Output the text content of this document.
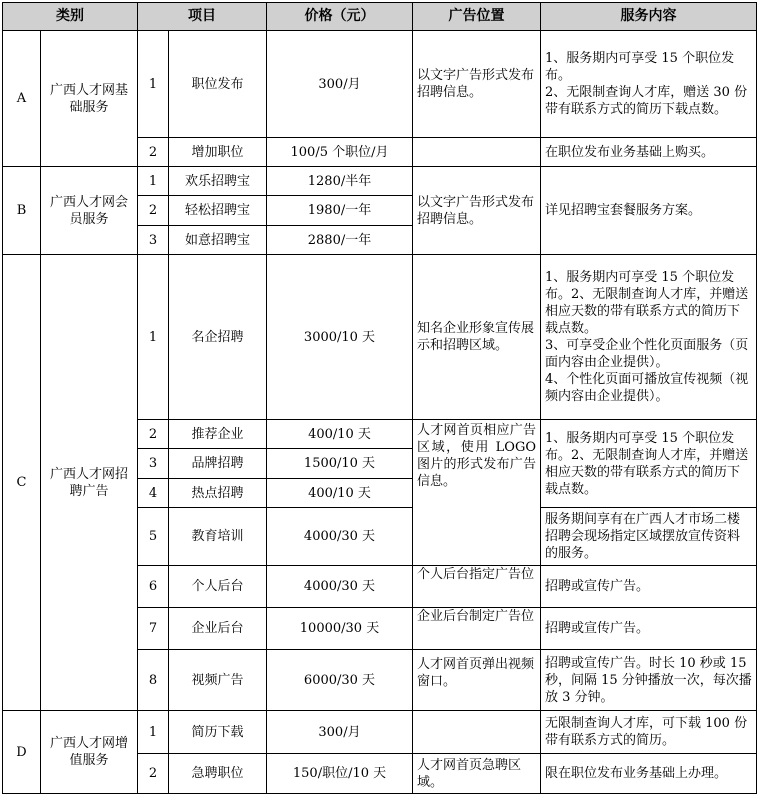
类别		项目		价格（元）	广告位置	服务内容
A	广西人才网基础服务	1	职位发布	300/月	以文字广告形式发布招聘信息。	1、服务期内可享受 15 个职位发布。
2、无限制查询人才库，赠送 30 份带有联系方式的简历下载点数。
		2	增加职位	100/5 个职位/月		在职位发布业务基础上购买。
B	广西人才网会员服务	1	欢乐招聘宝	1280/半年	以文字广告形式发布招聘信息。	详见招聘宝套餐服务方案。
		2	轻松招聘宝	1980/一年		
		3	如意招聘宝	2880/一年		
C	广西人才网招聘广告	1	名企招聘	3000/10 天	知名企业形象宣传展示和招聘区域。	1、服务期内可享受 15 个职位发布。2、无限制查询人才库，并赠送相应天数的带有联系方式的简历下载点数。
3、可享受企业个性化页面服务（页面内容由企业提供）。
4、个性化页面可播放宣传视频（视频内容由企业提供）。
		2	推荐企业	400/10 天	人才网首页相应广告区域，使用 LOGO 图片的形式发布广告信息。	1、服务期内可享受 15 个职位发布。2、无限制查询人才库，并赠送相应天数的带有联系方式的简历下载点数。
		3	品牌招聘	1500/10 天		
		4	热点招聘	400/10 天		
		5	教育培训	4000/30 天		服务期间享有在广西人才市场二楼招聘会现场指定区域摆放宣传资料的服务。
		6	个人后台	4000/30 天	个人后台指定广告位	招聘或宣传广告。
		7	企业后台	10000/30 天	企业后台制定广告位	招聘或宣传广告。
		8	视频广告	6000/30 天	人才网首页弹出视频窗口。	招聘或宣传广告。时长 10 秒或 15 秒，间隔 15 分钟播放一次，每次播放 3 分钟。
D	广西人才网增值服务	1	简历下载	300/月		无限制查询人才库，可下载 100 份带有联系方式的简历。
		2	急聘职位	150/职位/10 天	人才网首页急聘区域。	限在职位发布业务基础上办理。
